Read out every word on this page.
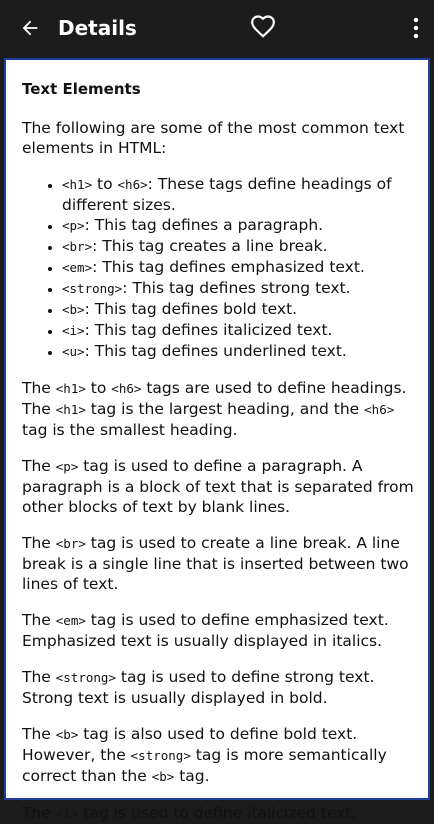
Details
Text Elements

The following are some of the most common text elements in HTML:

• <h1> to <h6>: These tags define headings of different sizes.
• <p>: This tag defines a paragraph.
• <br>: This tag creates a line break.
• <em>: This tag defines emphasized text.
• <strong>: This tag defines strong text.
• <b>: This tag defines bold text.
• <i>: This tag defines italicized text.
• <u>: This tag defines underlined text.

The <h1> to <h6> tags are used to define headings. The <h1> tag is the largest heading, and the <h6> tag is the smallest heading.

The <p> tag is used to define a paragraph. A paragraph is a block of text that is separated from other blocks of text by blank lines.

The <br> tag is used to create a line break. A line break is a single line that is inserted between two lines of text.

The <em> tag is used to define emphasized text. Emphasized text is usually displayed in italics.

The <strong> tag is used to define strong text. Strong text is usually displayed in bold.

The <b> tag is also used to define bold text. However, the <strong> tag is more semantically correct than the <b> tag.

The <i> tag is used to define italicized text.
